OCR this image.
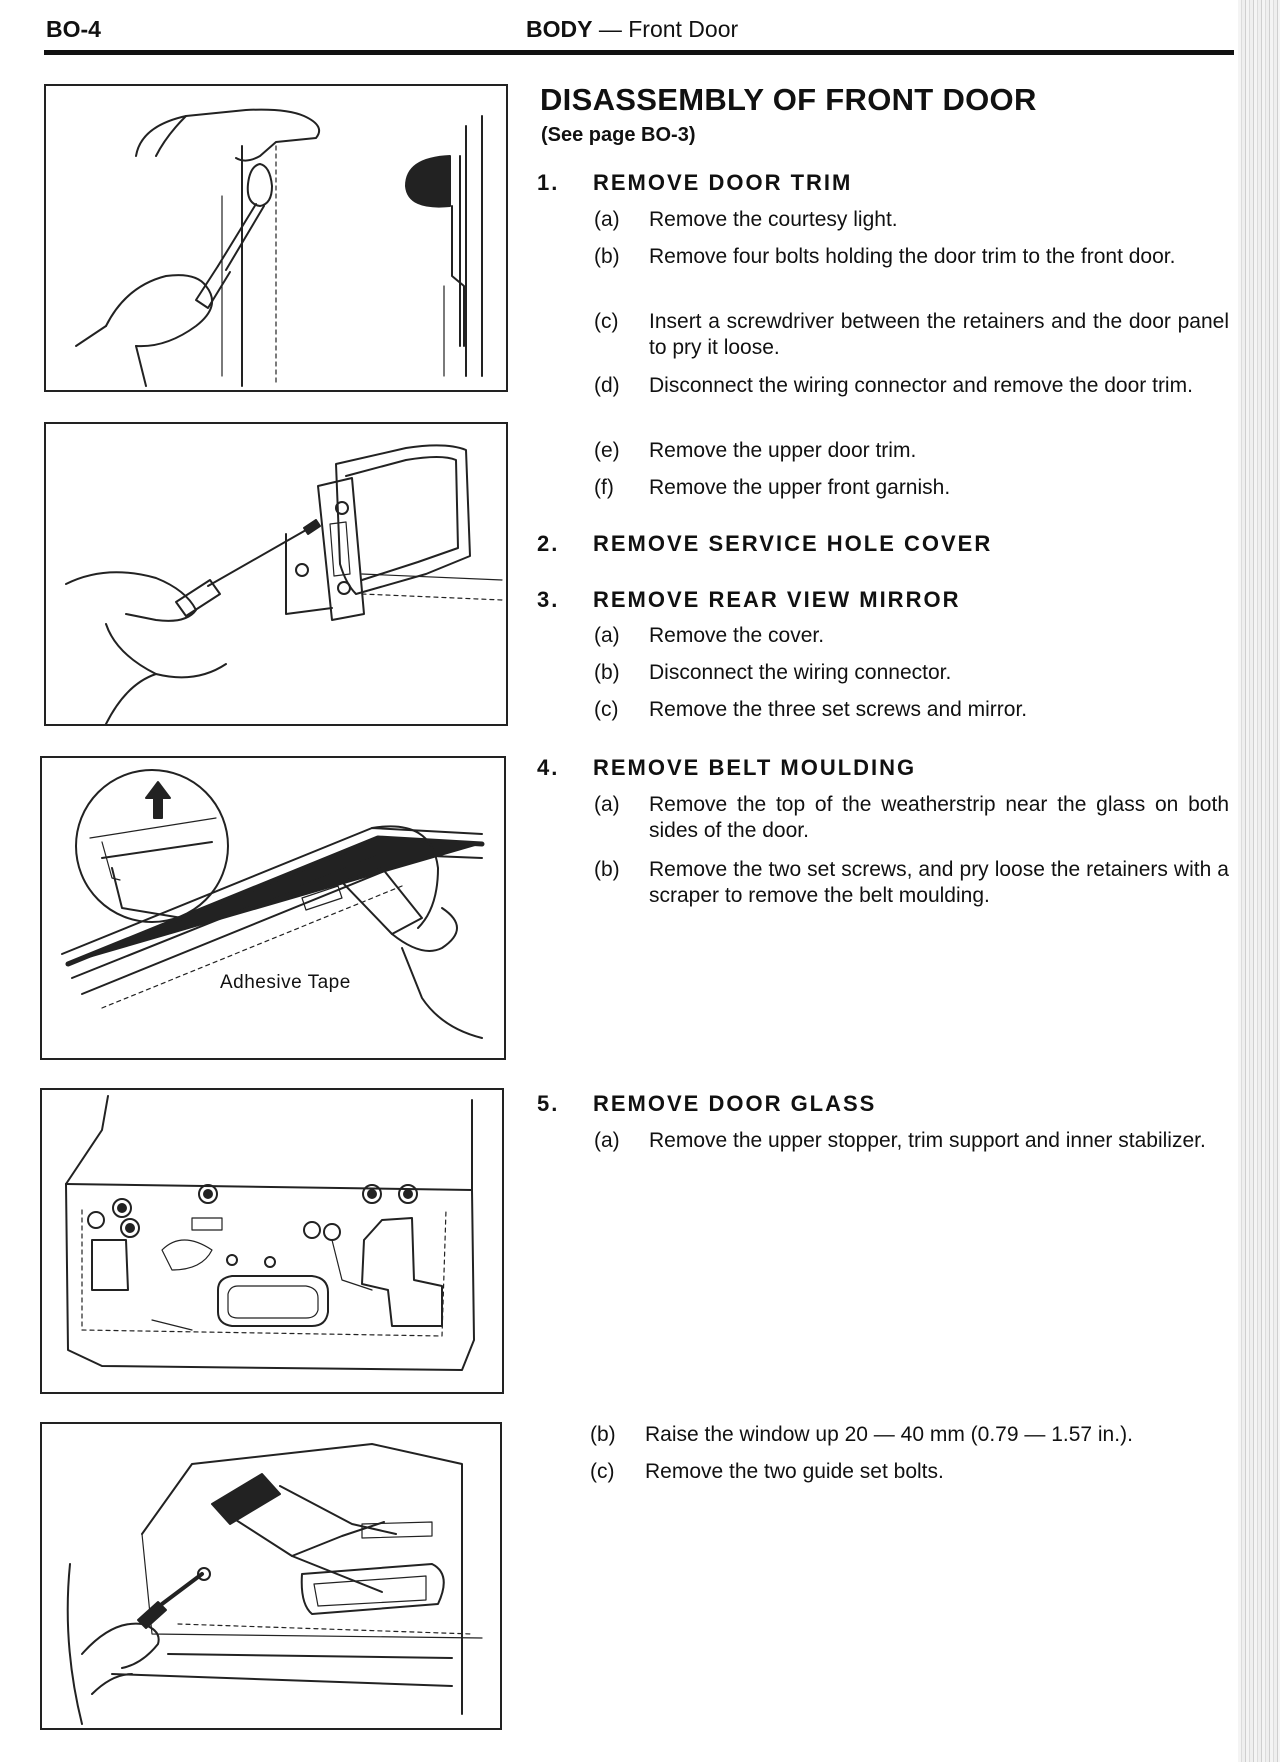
BO-4	BODY — Front Door
Adhesive Tape
DISASSEMBLY OF FRONT DOOR
(See page BO-3)
1. REMOVE DOOR TRIM
(a) Remove the courtesy light.
(b) Remove four bolts holding the door trim to the front door.
(c) Insert a screwdriver between the retainers and the door panel to pry it loose.
(d) Disconnect the wiring connector and remove the door trim.
(e) Remove the upper door trim.
(f) Remove the upper front garnish.
2. REMOVE SERVICE HOLE COVER
3. REMOVE REAR VIEW MIRROR
(a) Remove the cover.
(b) Disconnect the wiring connector.
(c) Remove the three set screws and mirror.
4. REMOVE BELT MOULDING
(a) Remove the top of the weatherstrip near the glass on both sides of the door.
(b) Remove the two set screws, and pry loose the retainers with a scraper to remove the belt moulding.
5. REMOVE DOOR GLASS
(a) Remove the upper stopper, trim support and inner stabilizer.
(b) Raise the window up 20 — 40 mm (0.79 — 1.57 in.).
(c) Remove the two guide set bolts.
